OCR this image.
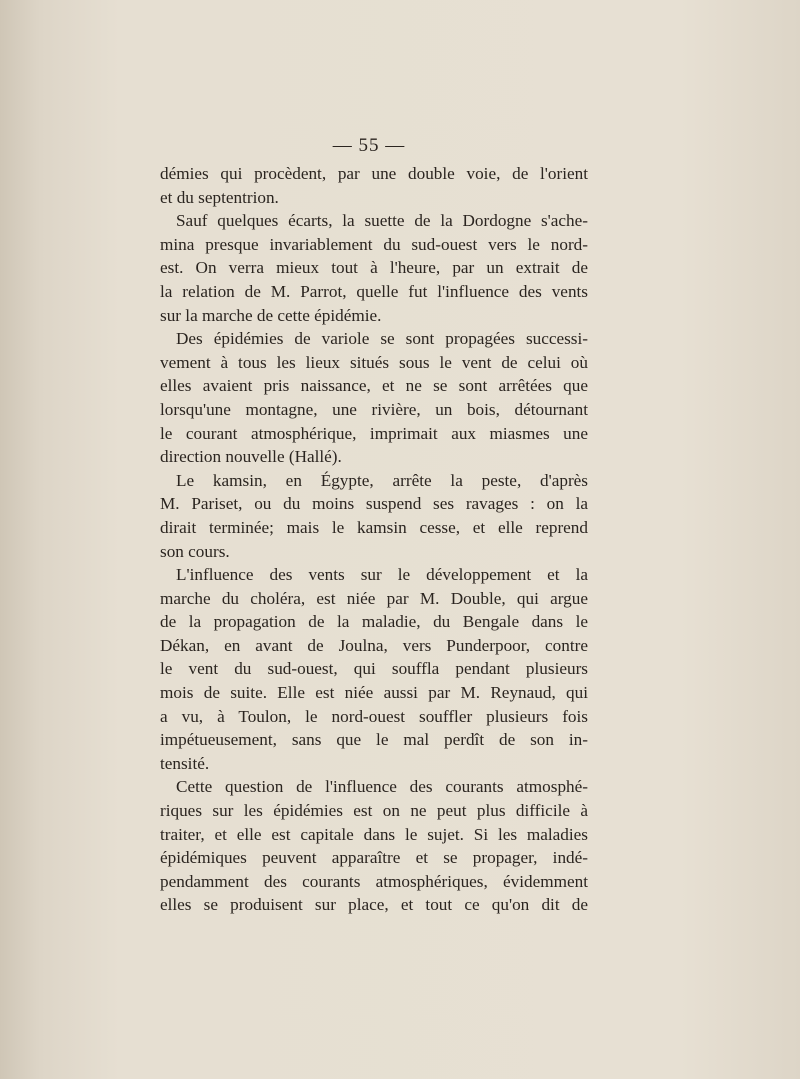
— 55 —
démies qui procèdent, par une double voie, de l'orient
et du septentrion.
Sauf quelques écarts, la suette de la Dordogne s'ache-
mina presque invariablement du sud-ouest vers le nord-
est. On verra mieux tout à l'heure, par un extrait de
la relation de M. Parrot, quelle fut l'influence des vents
sur la marche de cette épidémie.
Des épidémies de variole se sont propagées successi-
vement à tous les lieux situés sous le vent de celui où
elles avaient pris naissance, et ne se sont arrêtées que
lorsqu'une montagne, une rivière, un bois, détournant
le courant atmosphérique, imprimait aux miasmes une
direction nouvelle (Hallé).
Le kamsin, en Égypte, arrête la peste, d'après
M. Pariset, ou du moins suspend ses ravages : on la
dirait terminée; mais le kamsin cesse, et elle reprend
son cours.
L'influence des vents sur le développement et la
marche du choléra, est niée par M. Double, qui argue
de la propagation de la maladie, du Bengale dans le
Dékan, en avant de Joulna, vers Punderpoor, contre
le vent du sud-ouest, qui souffla pendant plusieurs
mois de suite. Elle est niée aussi par M. Reynaud, qui
a vu, à Toulon, le nord-ouest souffler plusieurs fois
impétueusement, sans que le mal perdît de son in-
tensité.
Cette question de l'influence des courants atmosphé-
riques sur les épidémies est on ne peut plus difficile à
traiter, et elle est capitale dans le sujet. Si les maladies
épidémiques peuvent apparaître et se propager, indé-
pendamment des courants atmosphériques, évidemment
elles se produisent sur place, et tout ce qu'on dit de
